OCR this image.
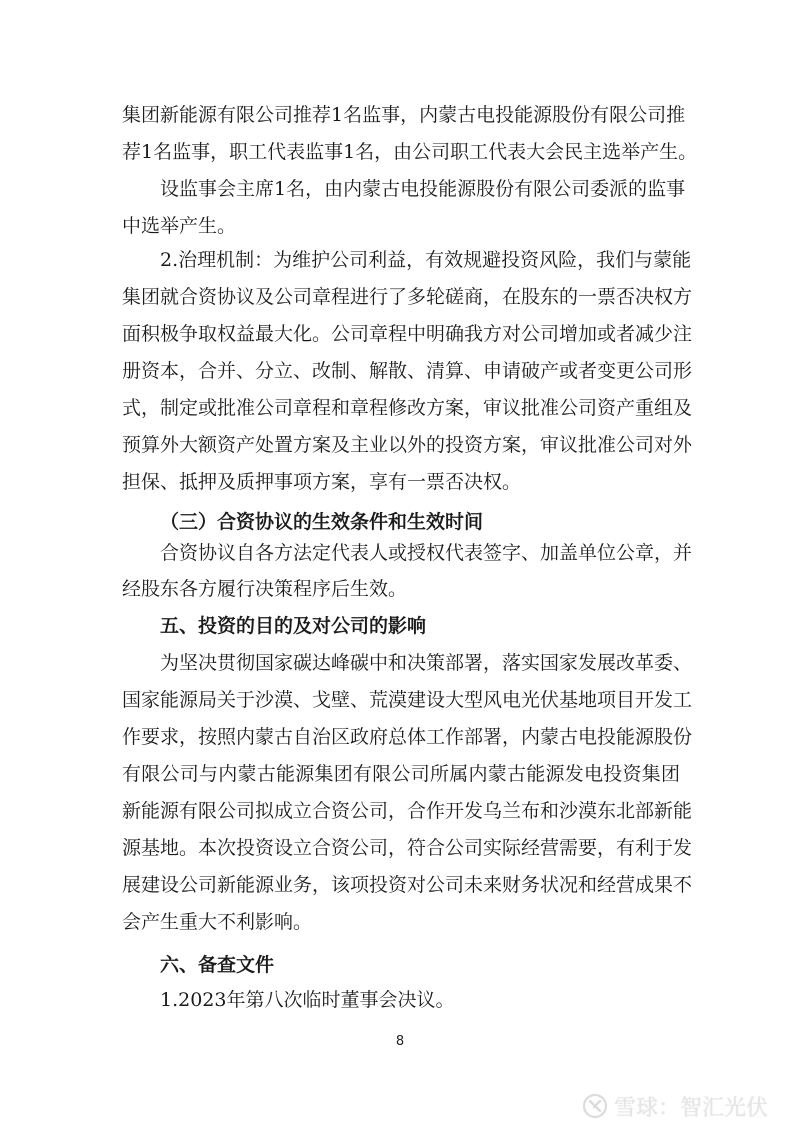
集团新能源有限公司推荐1名监事，内蒙古电投能源股份有限公司推
荐1名监事，职工代表监事1名，由公司职工代表大会民主选举产生。
设监事会主席1名，由内蒙古电投能源股份有限公司委派的监事
中选举产生。
2.治理机制：为维护公司利益，有效规避投资风险，我们与蒙能
集团就合资协议及公司章程进行了多轮磋商，在股东的一票否决权方
面积极争取权益最大化。公司章程中明确我方对公司增加或者减少注
册资本，合并、分立、改制、解散、清算、申请破产或者变更公司形
式，制定或批准公司章程和章程修改方案，审议批准公司资产重组及
预算外大额资产处置方案及主业以外的投资方案，审议批准公司对外
担保、抵押及质押事项方案，享有一票否决权。
（三）合资协议的生效条件和生效时间
合资协议自各方法定代表人或授权代表签字、加盖单位公章，并
经股东各方履行决策程序后生效。
五、投资的目的及对公司的影响
为坚决贯彻国家碳达峰碳中和决策部署，落实国家发展改革委、
国家能源局关于沙漠、戈壁、荒漠建设大型风电光伏基地项目开发工
作要求，按照内蒙古自治区政府总体工作部署，内蒙古电投能源股份
有限公司与内蒙古能源集团有限公司所属内蒙古能源发电投资集团
新能源有限公司拟成立合资公司，合作开发乌兰布和沙漠东北部新能
源基地。本次投资设立合资公司，符合公司实际经营需要，有利于发
展建设公司新能源业务，该项投资对公司未来财务状况和经营成果不
会产生重大不利影响。
六、备查文件
1.2023年第八次临时董事会决议。
8
雪球：智汇光伏
